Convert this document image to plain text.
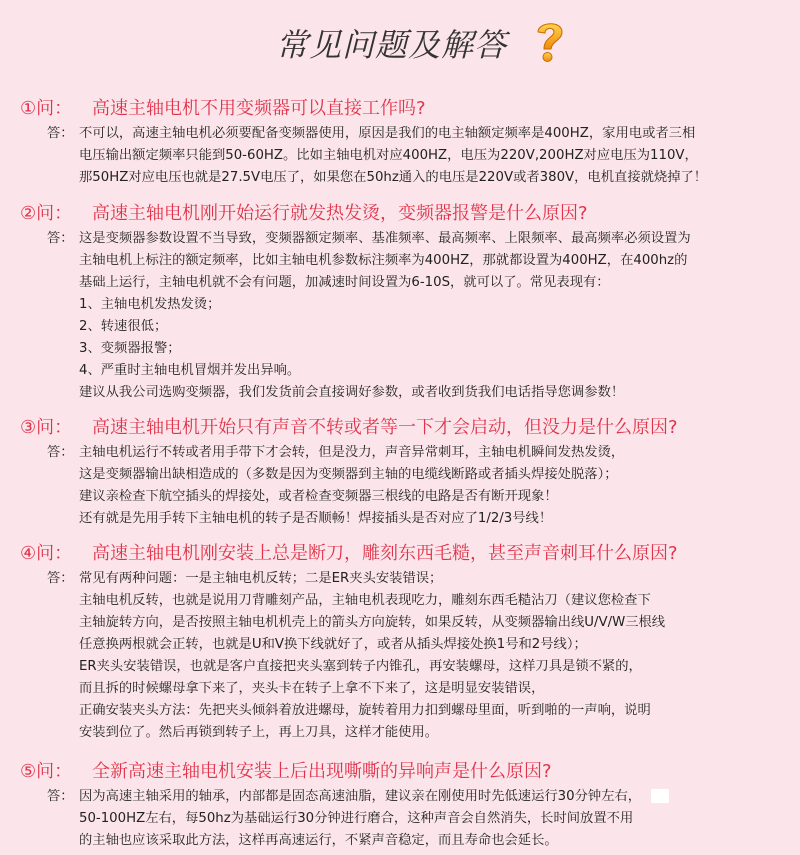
常见问题及解答
①问： 高速主轴电机不用变频器可以直接工作吗?
答： 不可以，高速主轴电机必须要配备变频器使用，原因是我们的电主轴额定频率是400HZ，家用电或者三相
电压输出额定频率只能到50-60HZ。比如主轴电机对应400HZ，电压为220V,200HZ对应电压为110V，
那50HZ对应电压也就是27.5V电压了，如果您在50hz通入的电压是220V或者380V，电机直接就烧掉了！
②问： 高速主轴电机刚开始运行就发热发烫，变频器报警是什么原因?
答： 这是变频器参数设置不当导致，变频器额定频率、基准频率、最高频率、上限频率、最高频率必须设置为
主轴电机上标注的额定频率，比如主轴电机参数标注频率为400HZ，那就都设置为400HZ，在400hz的
基础上运行，主轴电机就不会有问题，加减速时间设置为6-10S，就可以了。常见表现有：
1、主轴电机发热发烫；
2、转速很低；
3、变频器报警；
4、严重时主轴电机冒烟并发出异响。
建议从我公司选购变频器，我们发货前会直接调好参数，或者收到货我们电话指导您调参数！
③问： 高速主轴电机开始只有声音不转或者等一下才会启动，但没力是什么原因?
答： 主轴电机运行不转或者用手带下才会转，但是没力，声音异常刺耳，主轴电机瞬间发热发烫，
这是变频器输出缺相造成的（多数是因为变频器到主轴的电缆线断路或者插头焊接处脱落）；
建议亲检查下航空插头的焊接处，或者检查变频器三根线的电路是否有断开现象！
还有就是先用手转下主轴电机的转子是否顺畅！焊接插头是否对应了1/2/3号线！
④问： 高速主轴电机刚安装上总是断刀，雕刻东西毛糙，甚至声音刺耳什么原因?
答： 常见有两种问题：一是主轴电机反转；二是ER夹头安装错误；
主轴电机反转，也就是说用刀背雕刻产品，主轴电机表现吃力，雕刻东西毛糙沾刀（建议您检查下
主轴旋转方向，是否按照主轴电机机壳上的箭头方向旋转，如果反转，从变频器输出线U/V/W三根线
任意换两根就会正转，也就是U和V换下线就好了，或者从插头焊接处换1号和2号线）；
ER夹头安装错误，也就是客户直接把夹头塞到转子内锥孔，再安装螺母，这样刀具是锁不紧的，
而且拆的时候螺母拿下来了，夹头卡在转子上拿不下来了，这是明显安装错误，
正确安装夹头方法：先把夹头倾斜着放进螺母，旋转着用力扣到螺母里面，听到啪的一声响，说明
安装到位了。然后再锁到转子上，再上刀具，这样才能使用。
⑤问： 全新高速主轴电机安装上后出现嘶嘶的异响声是什么原因?
答： 因为高速主轴采用的轴承，内部都是固态高速油脂，建议亲在刚使用时先低速运行30分钟左右，
50-100HZ左右，每50hz为基础运行30分钟进行磨合，这种声音会自然消失，长时间放置不用
的主轴也应该采取此方法，这样再高速运行，不紧声音稳定，而且寿命也会延长。
